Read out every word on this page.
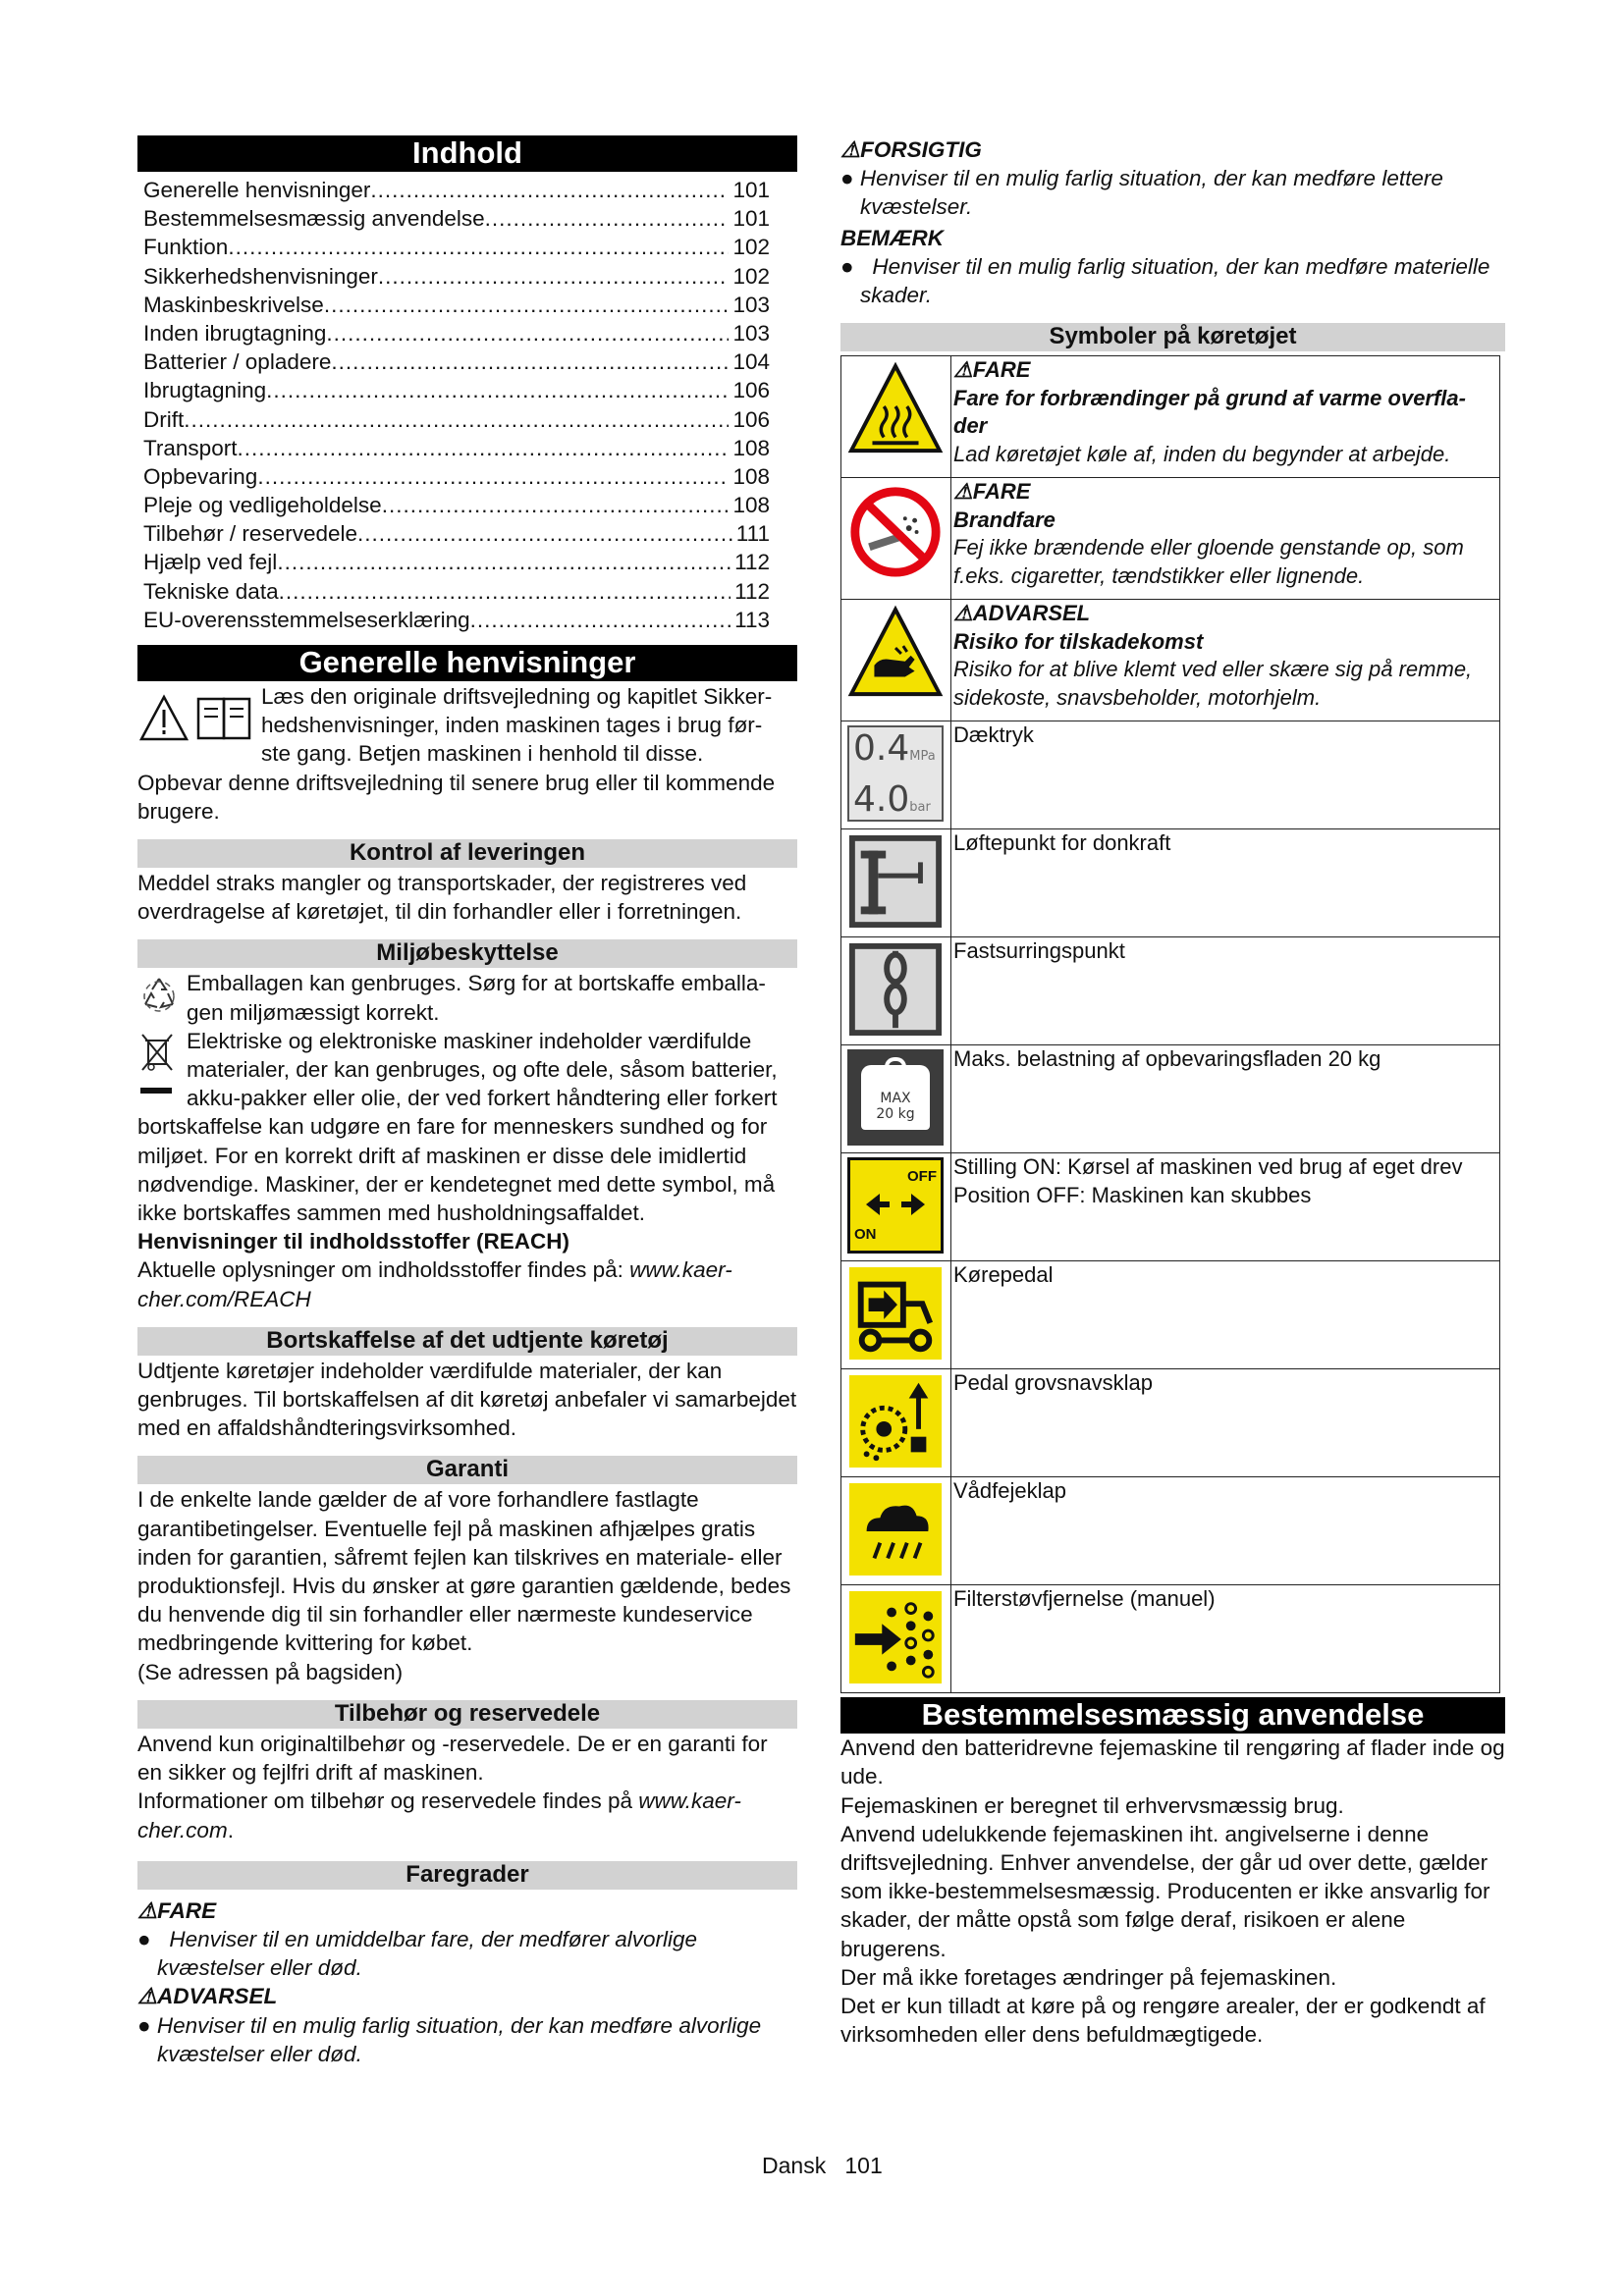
Indhold
Generelle henvisninger .....	101
Bestemmelsesmæssig anvendelse .....	101
Funktion .....	102
Sikkerhedshenvisninger .....	102
Maskinbeskrivelse .....	103
Inden ibrugtagning .....	103
Batterier / opladere .....	104
Ibrugtagning .....	106
Drift .....	106
Transport .....	108
Opbevaring .....	108
Pleje og vedligeholdelse .....	108
Tilbehør / reservedele .....	111
Hjælp ved fejl .....	112
Tekniske data .....	112
EU-overensstemmelseserklæring .....	113
Generelle henvisninger
Læs den originale driftsvejledning og kapitlet Sikker-
hedshenvisninger, inden maskinen tages i brug før-
ste gang. Betjen maskinen i henhold til disse.

Opbevar denne driftsvejledning til senere brug eller til kommende brugere.

Kontrol af leveringen

Meddel straks mangler og transportskader, der registreres ved overdragelse af køretøjet, til din forhandler eller i forretningen.

Miljøbeskyttelse
Emballagen kan genbruges. Sørg for at bortskaffe emballa-
gen miljømæssigt korrekt.
Elektriske og elektroniske maskiner indeholder værdifulde
materialer, der kan genbruges, og ofte dele, såsom batterier,
akku-pakker eller olie, der ved forkert håndtering eller forkert

bortskaffelse kan udgøre en fare for menneskers sundhed og for miljøet. For en korrekt drift af maskinen er disse dele imidlertid nødvendige. Maskiner, der er kendetegnet med dette symbol, må ikke bortskaffes sammen med husholdningsaffaldet.

Henvisninger til indholdsstoffer (REACH)

Aktuelle oplysninger om indholdsstoffer findes på: www.kaer-cher.com/REACH

Bortskaffelse af det udtjente køretøj

Udtjente køretøjer indeholder værdifulde materialer, der kan genbruges. Til bortskaffelsen af dit køretøj anbefaler vi samarbejdet med en affaldshåndteringsvirksomhed.

Garanti

I de enkelte lande gælder de af vore forhandlere fastlagte garantibetingelser. Eventuelle fejl på maskinen afhjælpes gratis inden for garantien, såfremt fejlen kan tilskrives en materiale- eller produktionsfejl. Hvis du ønsker at gøre garantien gældende, bedes du henvende dig til sin forhandler eller nærmeste kundeservice medbringende kvittering for købet.

(Se adressen på bagsiden)

Tilbehør og reservedele

Anvend kun originaltilbehør og -reservedele. De er en garanti for en sikker og fejlfri drift af maskinen.

Informationer om tilbehør og reservedele findes på www.kaer-cher.com.

Faregrader
⚠FARE

●   Henviser til en umiddelbar fare, der medfører alvorlige kvæstelser eller død.

⚠ADVARSEL

● Henviser til en mulig farlig situation, der kan medføre alvorlige kvæstelser eller død.

⚠FORSIGTIG

● Henviser til en mulig farlig situation, der kan medføre lettere kvæstelser.

BEMÆRK

●   Henviser til en mulig farlig situation, der kan medføre materielle skader.

Symboler på køretøjet

⚠FARE
Fare for forbrændinger på grund af varme overfla-der
Lad køretøjet køle af, inden du begynder at arbejde.

⚠FARE
Brandfare
Fej ikke brændende eller gloende genstande op, som f.eks. cigaretter, tændstikker eller lignende.

⚠ADVARSEL
Risiko for tilskadekomst
Risiko for at blive klemt ved eller skære sig på remme, sidekoste, snavsbeholder, motorhjelm.

0.4MPa
4.0bar	Dæktryk

	Løftepunkt for donkraft

	Fastsurringspunkt

MAX
20 kg	Maks. belastning af opbevaringsfladen 20 kg

OFF
ON	Stilling ON: Kørsel af maskinen ved brug af eget drev Position OFF: Maskinen kan skubbes

	Kørepedal

	Pedal grovsnavsklap

	Vådfejeklap

	Filterstøvfjernelse (manuel)
Bestemmelsesmæssig anvendelse

Anvend den batteridrevne fejemaskine til rengøring af flader inde og ude.

Fejemaskinen er beregnet til erhvervsmæssig brug.

Anvend udelukkende fejemaskinen iht. angivelserne i denne driftsvejledning. Enhver anvendelse, der går ud over dette, gælder som ikke-bestemmelsesmæssig. Producenten er ikke ansvarlig for skader, der måtte opstå som følge deraf, risikoen er alene brugerens.

Der må ikke foretages ændringer på fejemaskinen.

Det er kun tilladt at køre på og rengøre arealer, der er godkendt af virksomheden eller dens befuldmægtigede.

Dansk 101
